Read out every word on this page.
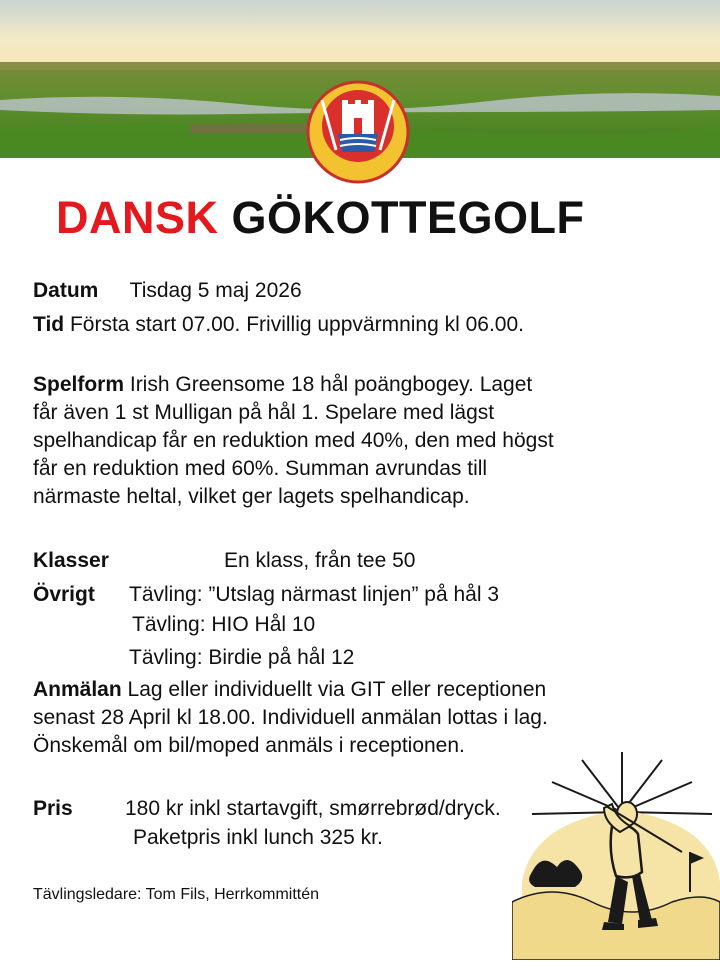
DANSK GÖKOTTEGOLF
Datum Tisdag 5 maj 2026
Tid Första start 07.00. Frivillig uppvärmning kl 06.00.
Spelform Irish Greensome 18 hål poängbogey. Laget
får även 1 st Mulligan på hål 1. Spelare med lägst
spelhandicap får en reduktion med 40%, den med högst
får en reduktion med 60%. Summan avrundas till
närmaste heltal, vilket ger lagets spelhandicap.
Klasser	En klass, från tee 50
Övrigt Tävling: ”Utslag närmast linjen” på hål 3
Tävling: HIO Hål 10
Tävling: Birdie på hål 12
Anmälan Lag eller individuellt via GIT eller receptionen
senast 28 April kl 18.00. Individuell anmälan lottas i lag.
Önskemål om bil/moped anmäls i receptionen.
Pris 180 kr inkl startavgift, smørrebrød/dryck.
Paketpris inkl lunch 325 kr.
Tävlingsledare: Tom Fils, Herrkommittén
